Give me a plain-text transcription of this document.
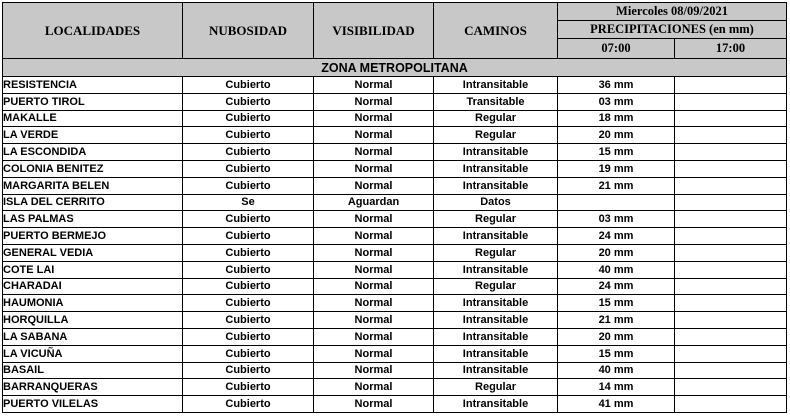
LOCALIDADES	NUBOSIDAD	VISIBILIDAD	CAMINOS	Miercoles 08/09/2021	
				PRECIPITACIONES (en mm)	
				07:00	17:00
ZONA METROPOLITANA					
RESISTENCIA	Cubierto	Normal	Intransitable	36 mm	
PUERTO TIROL	Cubierto	Normal	Transitable	03 mm	
MAKALLE	Cubierto	Normal	Regular	18 mm	
LA VERDE	Cubierto	Normal	Regular	20 mm	
LA ESCONDIDA	Cubierto	Normal	Intransitable	15 mm	
COLONIA BENITEZ	Cubierto	Normal	Intransitable	19 mm	
MARGARITA BELEN	Cubierto	Normal	Intransitable	21 mm	
ISLA DEL CERRITO	Se	Aguardan	Datos		
LAS PALMAS	Cubierto	Normal	Regular	03 mm	
PUERTO BERMEJO	Cubierto	Normal	Intransitable	24 mm	
GENERAL VEDIA	Cubierto	Normal	Regular	20 mm	
COTE LAI	Cubierto	Normal	Intransitable	40 mm	
CHARADAI	Cubierto	Normal	Regular	24 mm	
HAUMONIA	Cubierto	Normal	Intransitable	15 mm	
HORQUILLA	Cubierto	Normal	Intransitable	21 mm	
LA SABANA	Cubierto	Normal	Intransitable	20 mm	
LA VICUÑA	Cubierto	Normal	Intransitable	15 mm	
BASAIL	Cubierto	Normal	Intransitable	40 mm	
BARRANQUERAS	Cubierto	Normal	Regular	14 mm	
PUERTO VILELAS	Cubierto	Normal	Intransitable	41 mm	
